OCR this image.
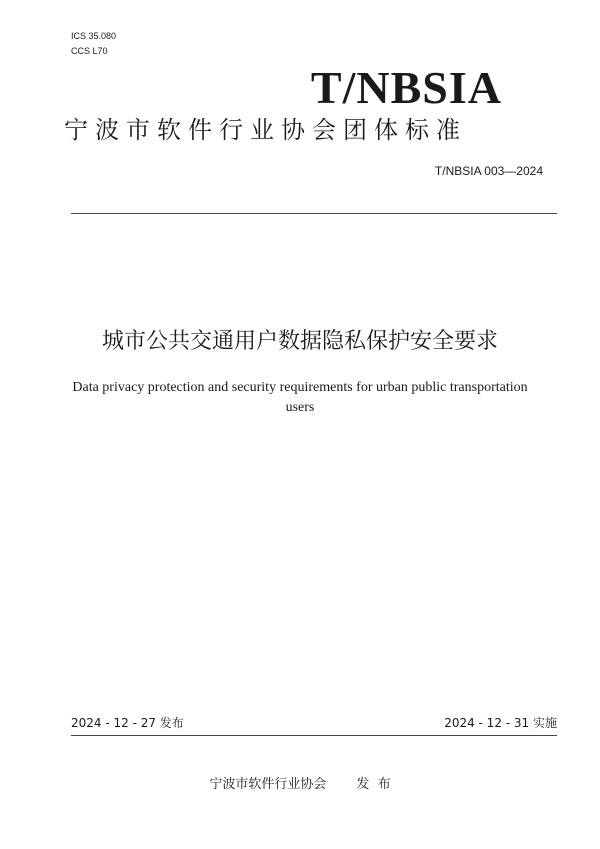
ICS 35.080
CCS L70
T/NBSIA
宁波市软件行业协会团体标准
T/NBSIA 003—2024
城市公共交通用户数据隐私保护安全要求
Data privacy protection and security requirements for urban public transportation
users
2024 - 12 - 27 发布	2024 - 12 - 31 实施
宁波市软件行业协会 发  布
